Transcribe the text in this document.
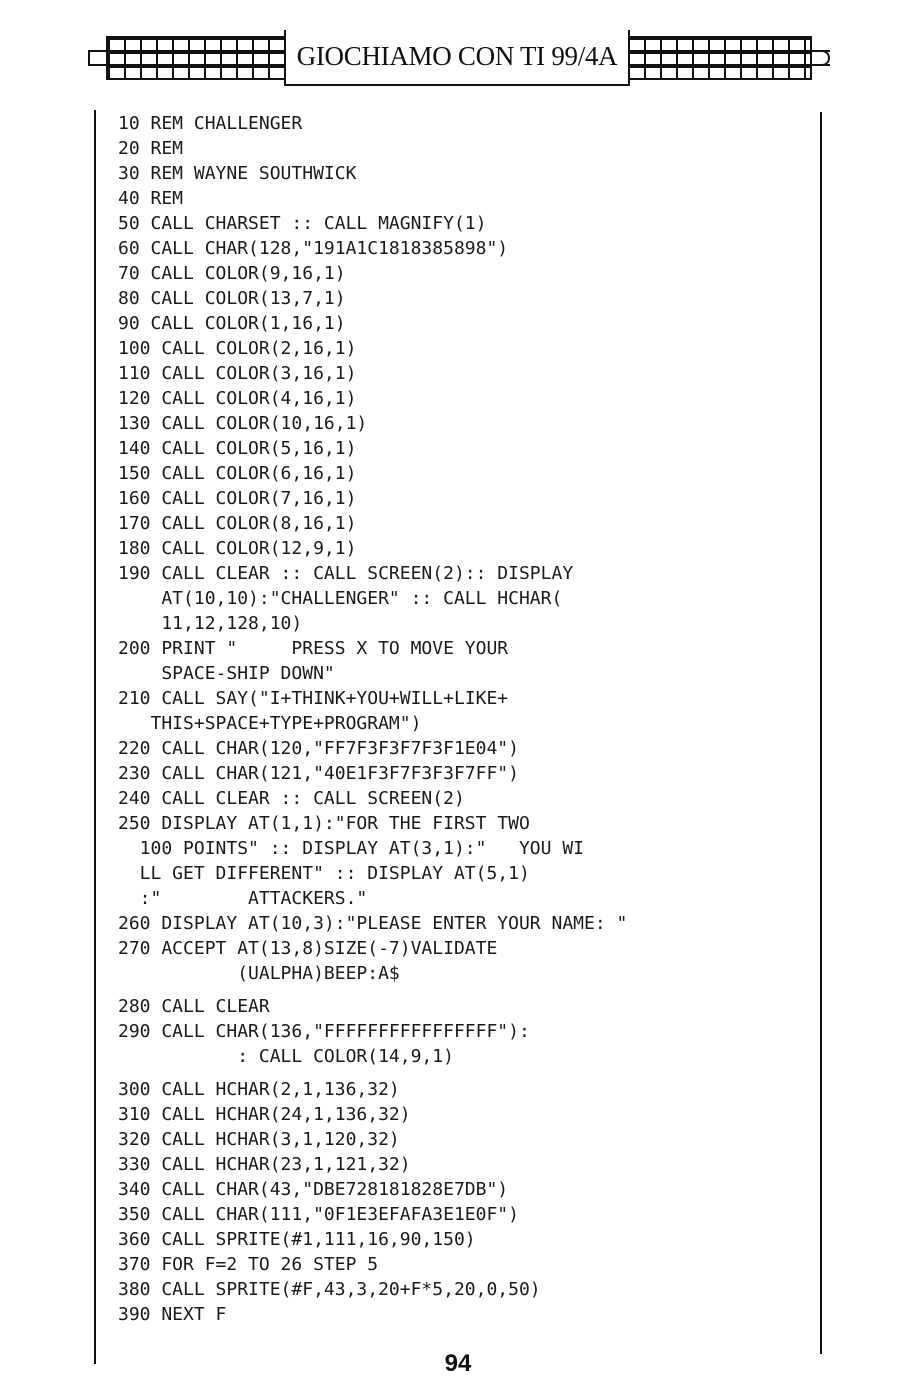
GIOCHIAMO CON TI 99/4A
10 REM CHALLENGER
20 REM
30 REM WAYNE SOUTHWICK
40 REM
50 CALL CHARSET :: CALL MAGNIFY(1)
60 CALL CHAR(128,"191A1C1818385898")
70 CALL COLOR(9,16,1)
80 CALL COLOR(13,7,1)
90 CALL COLOR(1,16,1)
100 CALL COLOR(2,16,1)
110 CALL COLOR(3,16,1)
120 CALL COLOR(4,16,1)
130 CALL COLOR(10,16,1)
140 CALL COLOR(5,16,1)
150 CALL COLOR(6,16,1)
160 CALL COLOR(7,16,1)
170 CALL COLOR(8,16,1)
180 CALL COLOR(12,9,1)
190 CALL CLEAR :: CALL SCREEN(2):: DISPLAY
AT(10,10):"CHALLENGER" :: CALL HCHAR(
11,12,128,10)
200 PRINT "     PRESS X TO MOVE YOUR
SPACE-SHIP DOWN"
210 CALL SAY("I+THINK+YOU+WILL+LIKE+
THIS+SPACE+TYPE+PROGRAM")
220 CALL CHAR(120,"FF7F3F3F7F3F1E04")
230 CALL CHAR(121,"40E1F3F7F3F3F7FF")
240 CALL CLEAR :: CALL SCREEN(2)
250 DISPLAY AT(1,1):"FOR THE FIRST TWO
100 POINTS" :: DISPLAY AT(3,1):"   YOU WI
LL GET DIFFERENT" :: DISPLAY AT(5,1)
:"        ATTACKERS."
260 DISPLAY AT(10,3):"PLEASE ENTER YOUR NAME: "
270 ACCEPT AT(13,8)SIZE(-7)VALIDATE
(UALPHA)BEEP:A$
280 CALL CLEAR
290 CALL CHAR(136,"FFFFFFFFFFFFFFFF"):
: CALL COLOR(14,9,1)
300 CALL HCHAR(2,1,136,32)
310 CALL HCHAR(24,1,136,32)
320 CALL HCHAR(3,1,120,32)
330 CALL HCHAR(23,1,121,32)
340 CALL CHAR(43,"DBE728181828E7DB")
350 CALL CHAR(111,"0F1E3EFAFA3E1E0F")
360 CALL SPRITE(#1,111,16,90,150)
370 FOR F=2 TO 26 STEP 5
380 CALL SPRITE(#F,43,3,20+F*5,20,0,50)
390 NEXT F
94
